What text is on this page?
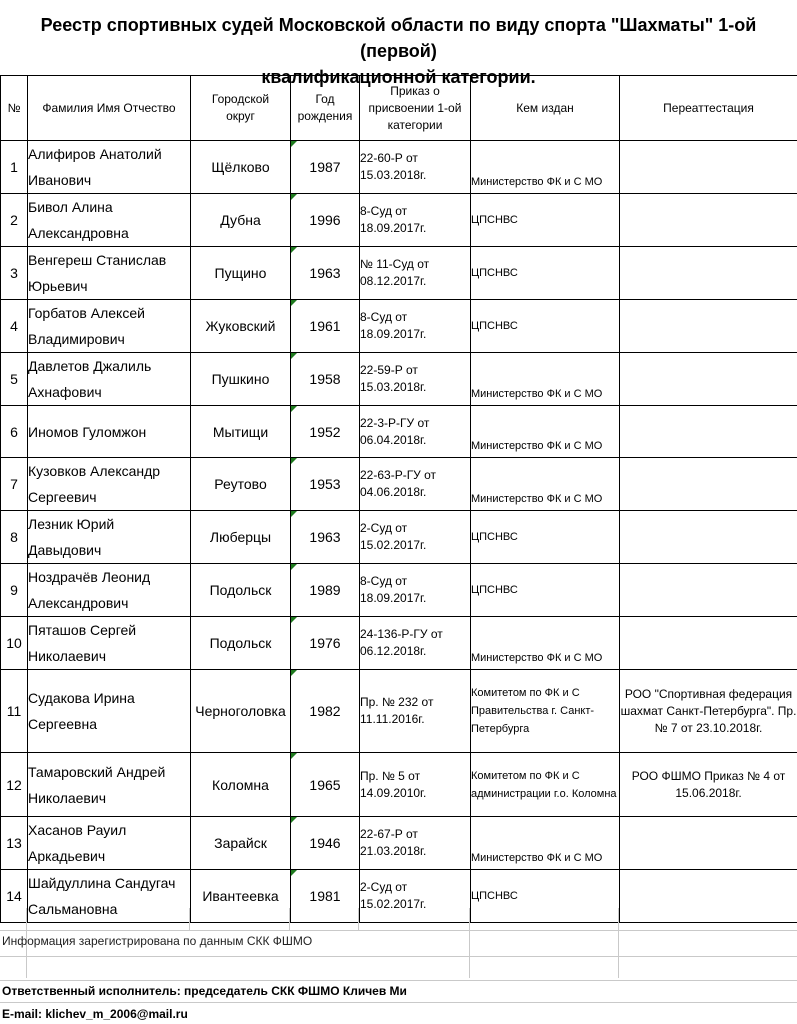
Реестр спортивных судей Московской области по виду спорта "Шахматы" 1-ой (первой)
квалификационной категории.
№	Фамилия Имя Отчество	Городской округ	Год рождения	Приказ о присвоении 1-ой категории	Кем издан	Переаттестация
1	Алифиров Анатолий Иванович	Щёлково	1987	22-60-Р от 15.03.2018г.	Министерство ФК и С МО	
2	Бивол Алина Александровна	Дубна	1996	8-Суд от 18.09.2017г.	ЦПСНВС	
3	Венгереш Станислав Юрьевич	Пущино	1963	№ 11-Суд от 08.12.2017г.	ЦПСНВС	
4	Горбатов Алексей Владимирович	Жуковский	1961	8-Суд от 18.09.2017г.	ЦПСНВС	
5	Давлетов Джалиль Ахнафович	Пушкино	1958	22-59-Р от 15.03.2018г.	Министерство ФК и С МО	
6	Иномов Гуломжон	Мытищи	1952	22-3-Р-ГУ от 06.04.2018г.	Министерство ФК и С МО	
7	Кузовков Александр Сергеевич	Реутово	1953	22-63-Р-ГУ от 04.06.2018г.	Министерство ФК и С МО	
8	Лезник Юрий Давыдович	Люберцы	1963	2-Суд от 15.02.2017г.	ЦПСНВС	
9	Ноздрачёв Леонид Александрович	Подольск	1989	8-Суд от 18.09.2017г.	ЦПСНВС	
10	Пяташов Сергей Николаевич	Подольск	1976	24-136-Р-ГУ от 06.12.2018г.	Министерство ФК и С МО	
11	Судакова Ирина Сергеевна	Черноголовка	1982	Пр. № 232 от 11.11.2016г.	Комитетом по ФК и С Правительства г. Санкт-Петербурга	РОО "Спортивная федерация шахмат Санкт-Петербурга". Пр. № 7 от 23.10.2018г.
12	Тамаровский Андрей Николаевич	Коломна	1965	Пр. № 5 от 14.09.2010г.	Комитетом по ФК и С администрации г.о. Коломна	РОО ФШМО Приказ № 4 от 15.06.2018г.
13	Хасанов Рауил Аркадьевич	Зарайск	1946	22-67-Р от 21.03.2018г.	Министерство ФК и С МО	
14	Шайдуллина Сандугач Сальмановна	Ивантеевка	1981	2-Суд от 15.02.2017г.	ЦПСНВС	
Информация зарегистрирована по данным СКК ФШМО
Ответственный исполнитель: председатель СКК ФШМО Кличев Ми
E-mail: klichev_m_2006@mail.ru
